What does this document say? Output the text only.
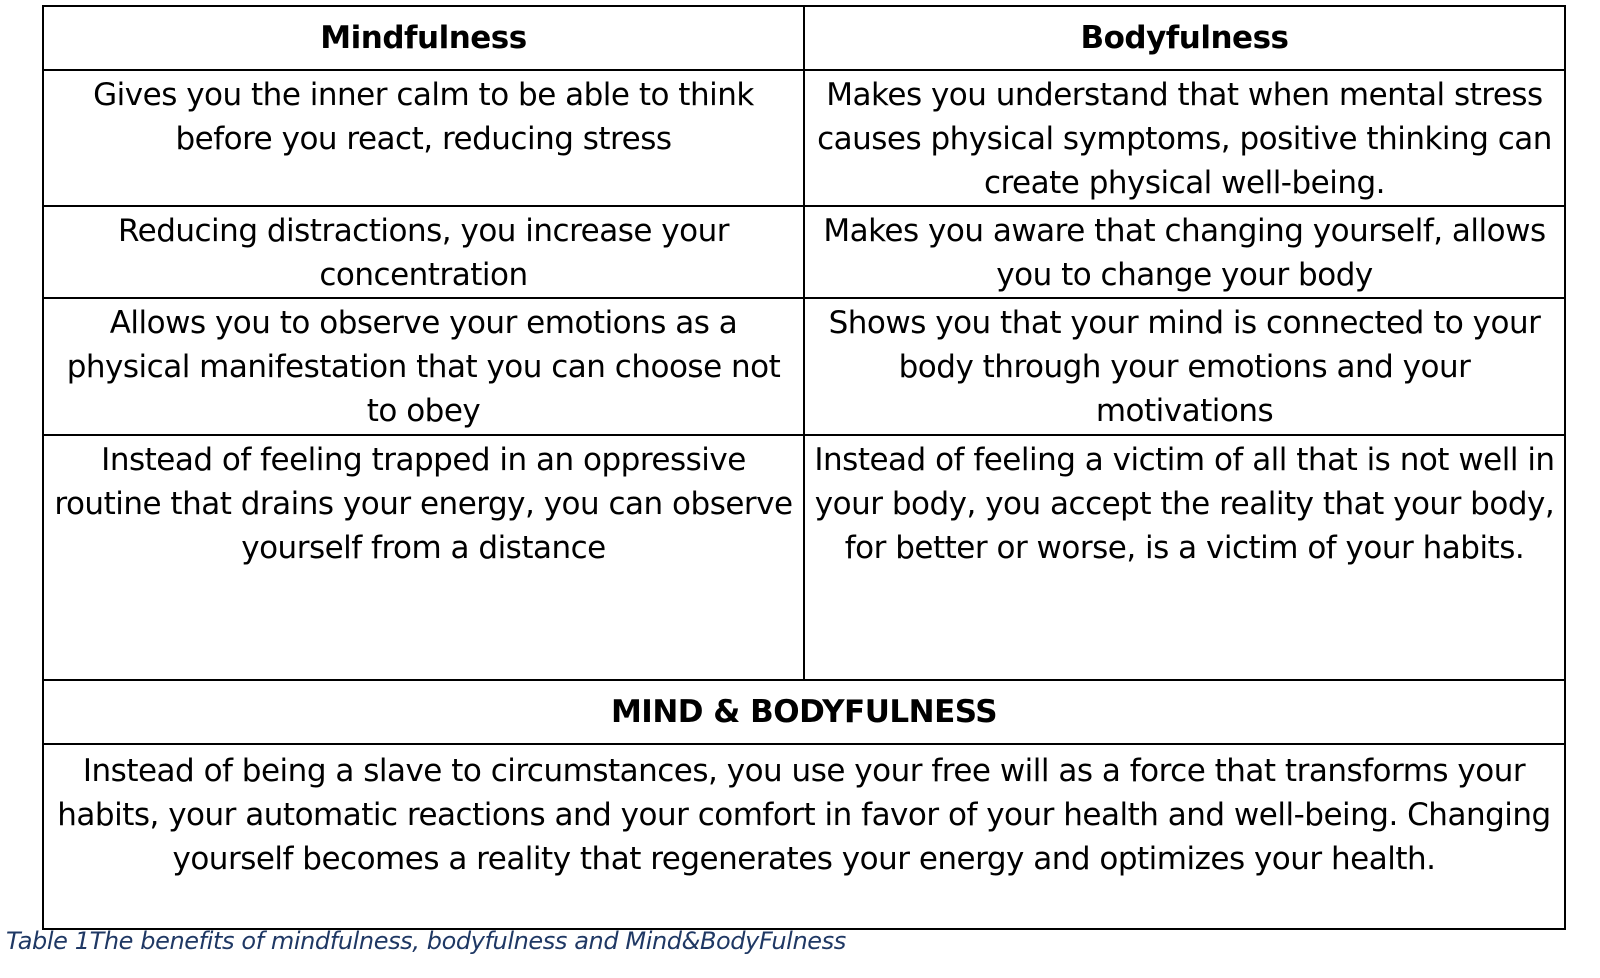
Mindfulness	Bodyfulness
Gives you the inner calm to be able to think before you react, reducing stress	Makes you understand that when mental stress causes physical symptoms, positive thinking can create physical well-being.
Reducing distractions, you increase your concentration	Makes you aware that changing yourself, allows you to change your body
Allows you to observe your emotions as a physical manifestation that you can choose not to obey	Shows you that your mind is connected to your body through your emotions and your motivations
Instead of feeling trapped in an oppressive routine that drains your energy, you can observe yourself from a distance	Instead of feeling a victim of all that is not well in your body, you accept the reality that your body, for better or worse, is a victim of your habits.
MIND & BODYFULNESS	
Instead of being a slave to circumstances, you use your free will as a force that transforms your habits, your automatic reactions and your comfort in favor of your health and well-being. Changing yourself becomes a reality that regenerates your energy and optimizes your health.	
Table 1The benefits of mindfulness, bodyfulness and Mind&BodyFulness
